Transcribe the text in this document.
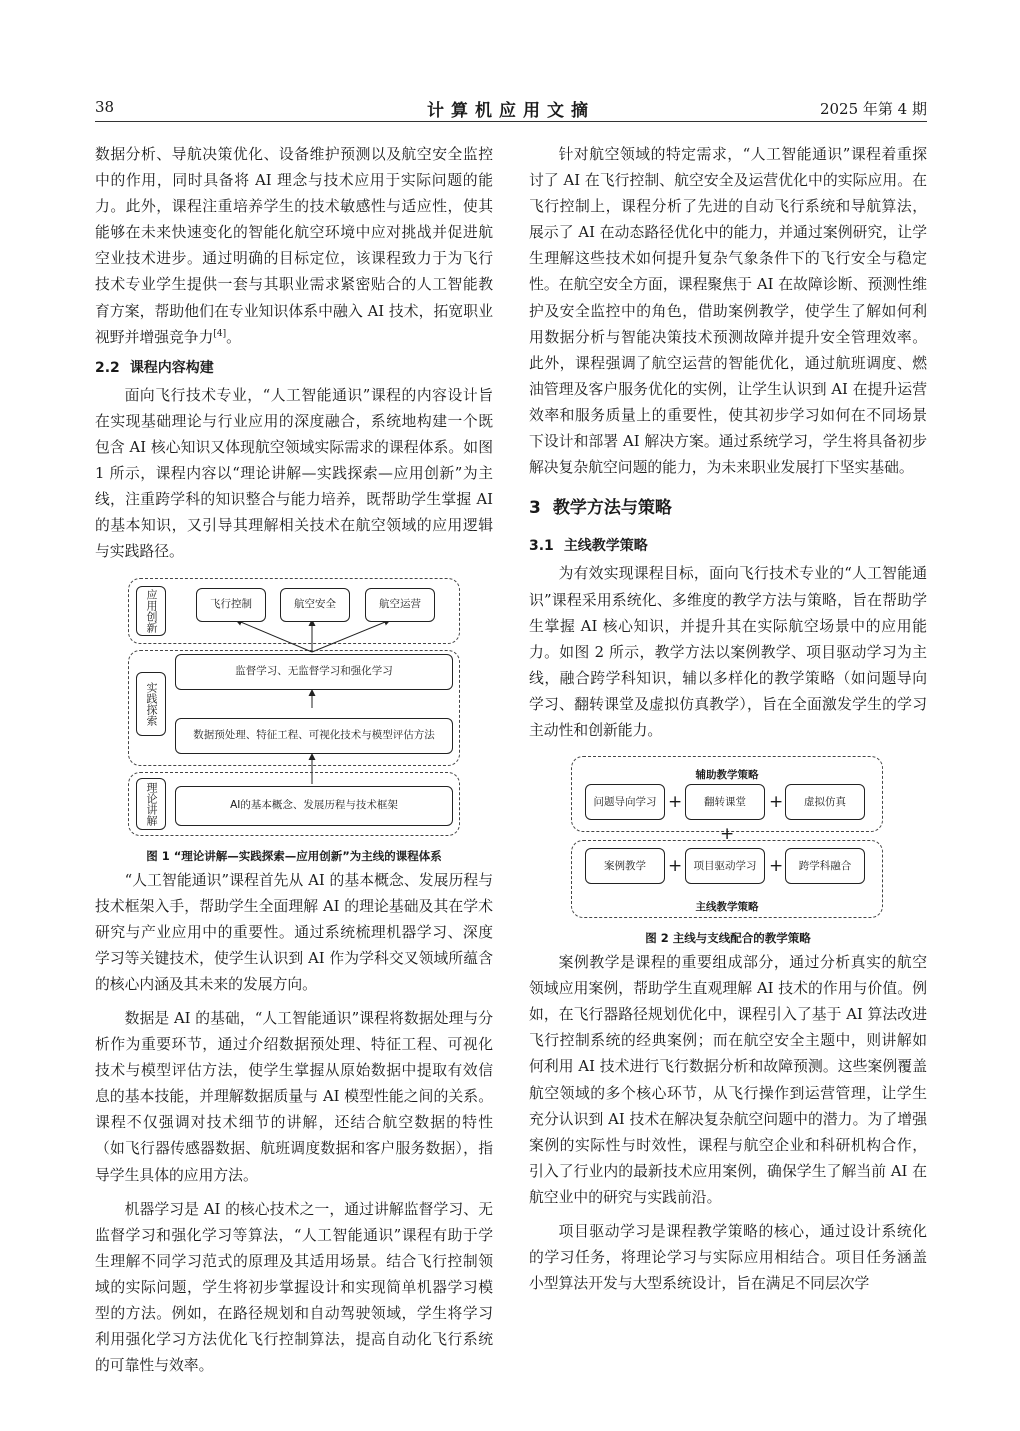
38	计算机应用文摘	2025 年第 4 期

数据分析、导航决策优化、设备维护预测以及航空安全监控中的作用，同时具备将 AI 理念与技术应用于实际问题的能力。此外，课程注重培养学生的技术敏感性与适应性，使其能够在未来快速变化的智能化航空环境中应对挑战并促进航空业技术进步。通过明确的目标定位，该课程致力于为飞行技术专业学生提供一套与其职业需求紧密贴合的人工智能教育方案，帮助他们在专业知识体系中融入 AI 技术，拓宽职业视野并增强竞争力[4]。

2.2 课程内容构建

面向飞行技术专业，“人工智能通识”课程的内容设计旨在实现基础理论与行业应用的深度融合，系统地构建一个既包含 AI 核心知识又体现航空领域实际需求的课程体系。如图 1 所示，课程内容以“理论讲解—实践探索—应用创新”为主线，注重跨学科的知识整合与能力培养，既帮助学生掌握 AI 的基本知识，又引导其理解相关技术在航空领域的应用逻辑与实践路径。

应用创新
实践探索
理论讲解
飞行控制	航空安全	航空运营
监督学习、无监督学习和强化学习
数据预处理、特征工程、可视化技术与模型评估方法
AI的基本概念、发展历程与技术框架
图 1 “理论讲解—实践探索—应用创新”为主线的课程体系

“人工智能通识”课程首先从 AI 的基本概念、发展历程与技术框架入手，帮助学生全面理解 AI 的理论基础及其在学术研究与产业应用中的重要性。通过系统梳理机器学习、深度学习等关键技术，使学生认识到 AI 作为学科交叉领域所蕴含的核心内涵及其未来的发展方向。

数据是 AI 的基础，“人工智能通识”课程将数据处理与分析作为重要环节，通过介绍数据预处理、特征工程、可视化技术与模型评估方法，使学生掌握从原始数据中提取有效信息的基本技能，并理解数据质量与 AI 模型性能之间的关系。课程不仅强调对技术细节的讲解，还结合航空数据的特性（如飞行器传感器数据、航班调度数据和客户服务数据），指导学生具体的应用方法。

机器学习是 AI 的核心技术之一，通过讲解监督学习、无监督学习和强化学习等算法，“人工智能通识”课程有助于学生理解不同学习范式的原理及其适用场景。结合飞行控制领域的实际问题，学生将初步掌握设计和实现简单机器学习模型的方法。例如，在路径规划和自动驾驶领域，学生将学习利用强化学习方法优化飞行控制算法，提高自动化飞行系统的可靠性与效率。

针对航空领域的特定需求，“人工智能通识”课程着重探讨了 AI 在飞行控制、航空安全及运营优化中的实际应用。在飞行控制上，课程分析了先进的自动飞行系统和导航算法，展示了 AI 在动态路径优化中的能力，并通过案例研究，让学生理解这些技术如何提升复杂气象条件下的飞行安全与稳定性。在航空安全方面，课程聚焦于 AI 在故障诊断、预测性维护及安全监控中的角色，借助案例教学，使学生了解如何利用数据分析与智能决策技术预测故障并提升安全管理效率。此外，课程强调了航空运营的智能优化，通过航班调度、燃油管理及客户服务优化的实例，让学生认识到 AI 在提升运营效率和服务质量上的重要性，使其初步学习如何在不同场景下设计和部署 AI 解决方案。通过系统学习，学生将具备初步解决复杂航空问题的能力，为未来职业发展打下坚实基础。

3 教学方法与策略
3.1 主线教学策略

为有效实现课程目标，面向飞行技术专业的“人工智能通识”课程采用系统化、多维度的教学方法与策略，旨在帮助学生掌握 AI 核心知识，并提升其在实际航空场景中的应用能力。如图 2 所示，教学方法以案例教学、项目驱动学习为主线，融合跨学科知识，辅以多样化的教学策略（如问题导向学习、翻转课堂及虚拟仿真教学），旨在全面激发学生的学习主动性和创新能力。

辅助教学策略
问题导向学习 +	翻转课堂	+	虚拟仿真
+
案例教学	+	项目驱动学习 +	跨学科融合
主线教学策略
图 2 主线与支线配合的教学策略

案例教学是课程的重要组成部分，通过分析真实的航空领域应用案例，帮助学生直观理解 AI 技术的作用与价值。例如，在飞行器路径规划优化中，课程引入了基于 AI 算法改进飞行控制系统的经典案例；而在航空安全主题中，则讲解如何利用 AI 技术进行飞行数据分析和故障预测。这些案例覆盖航空领域的多个核心环节，从飞行操作到运营管理，让学生充分认识到 AI 技术在解决复杂航空问题中的潜力。为了增强案例的实际性与时效性，课程与航空企业和科研机构合作，引入了行业内的最新技术应用案例，确保学生了解当前 AI 在航空业中的研究与实践前沿。

项目驱动学习是课程教学策略的核心，通过设计系统化的学习任务，将理论学习与实际应用相结合。项目任务涵盖小型算法开发与大型系统设计，旨在满足不同层次学
